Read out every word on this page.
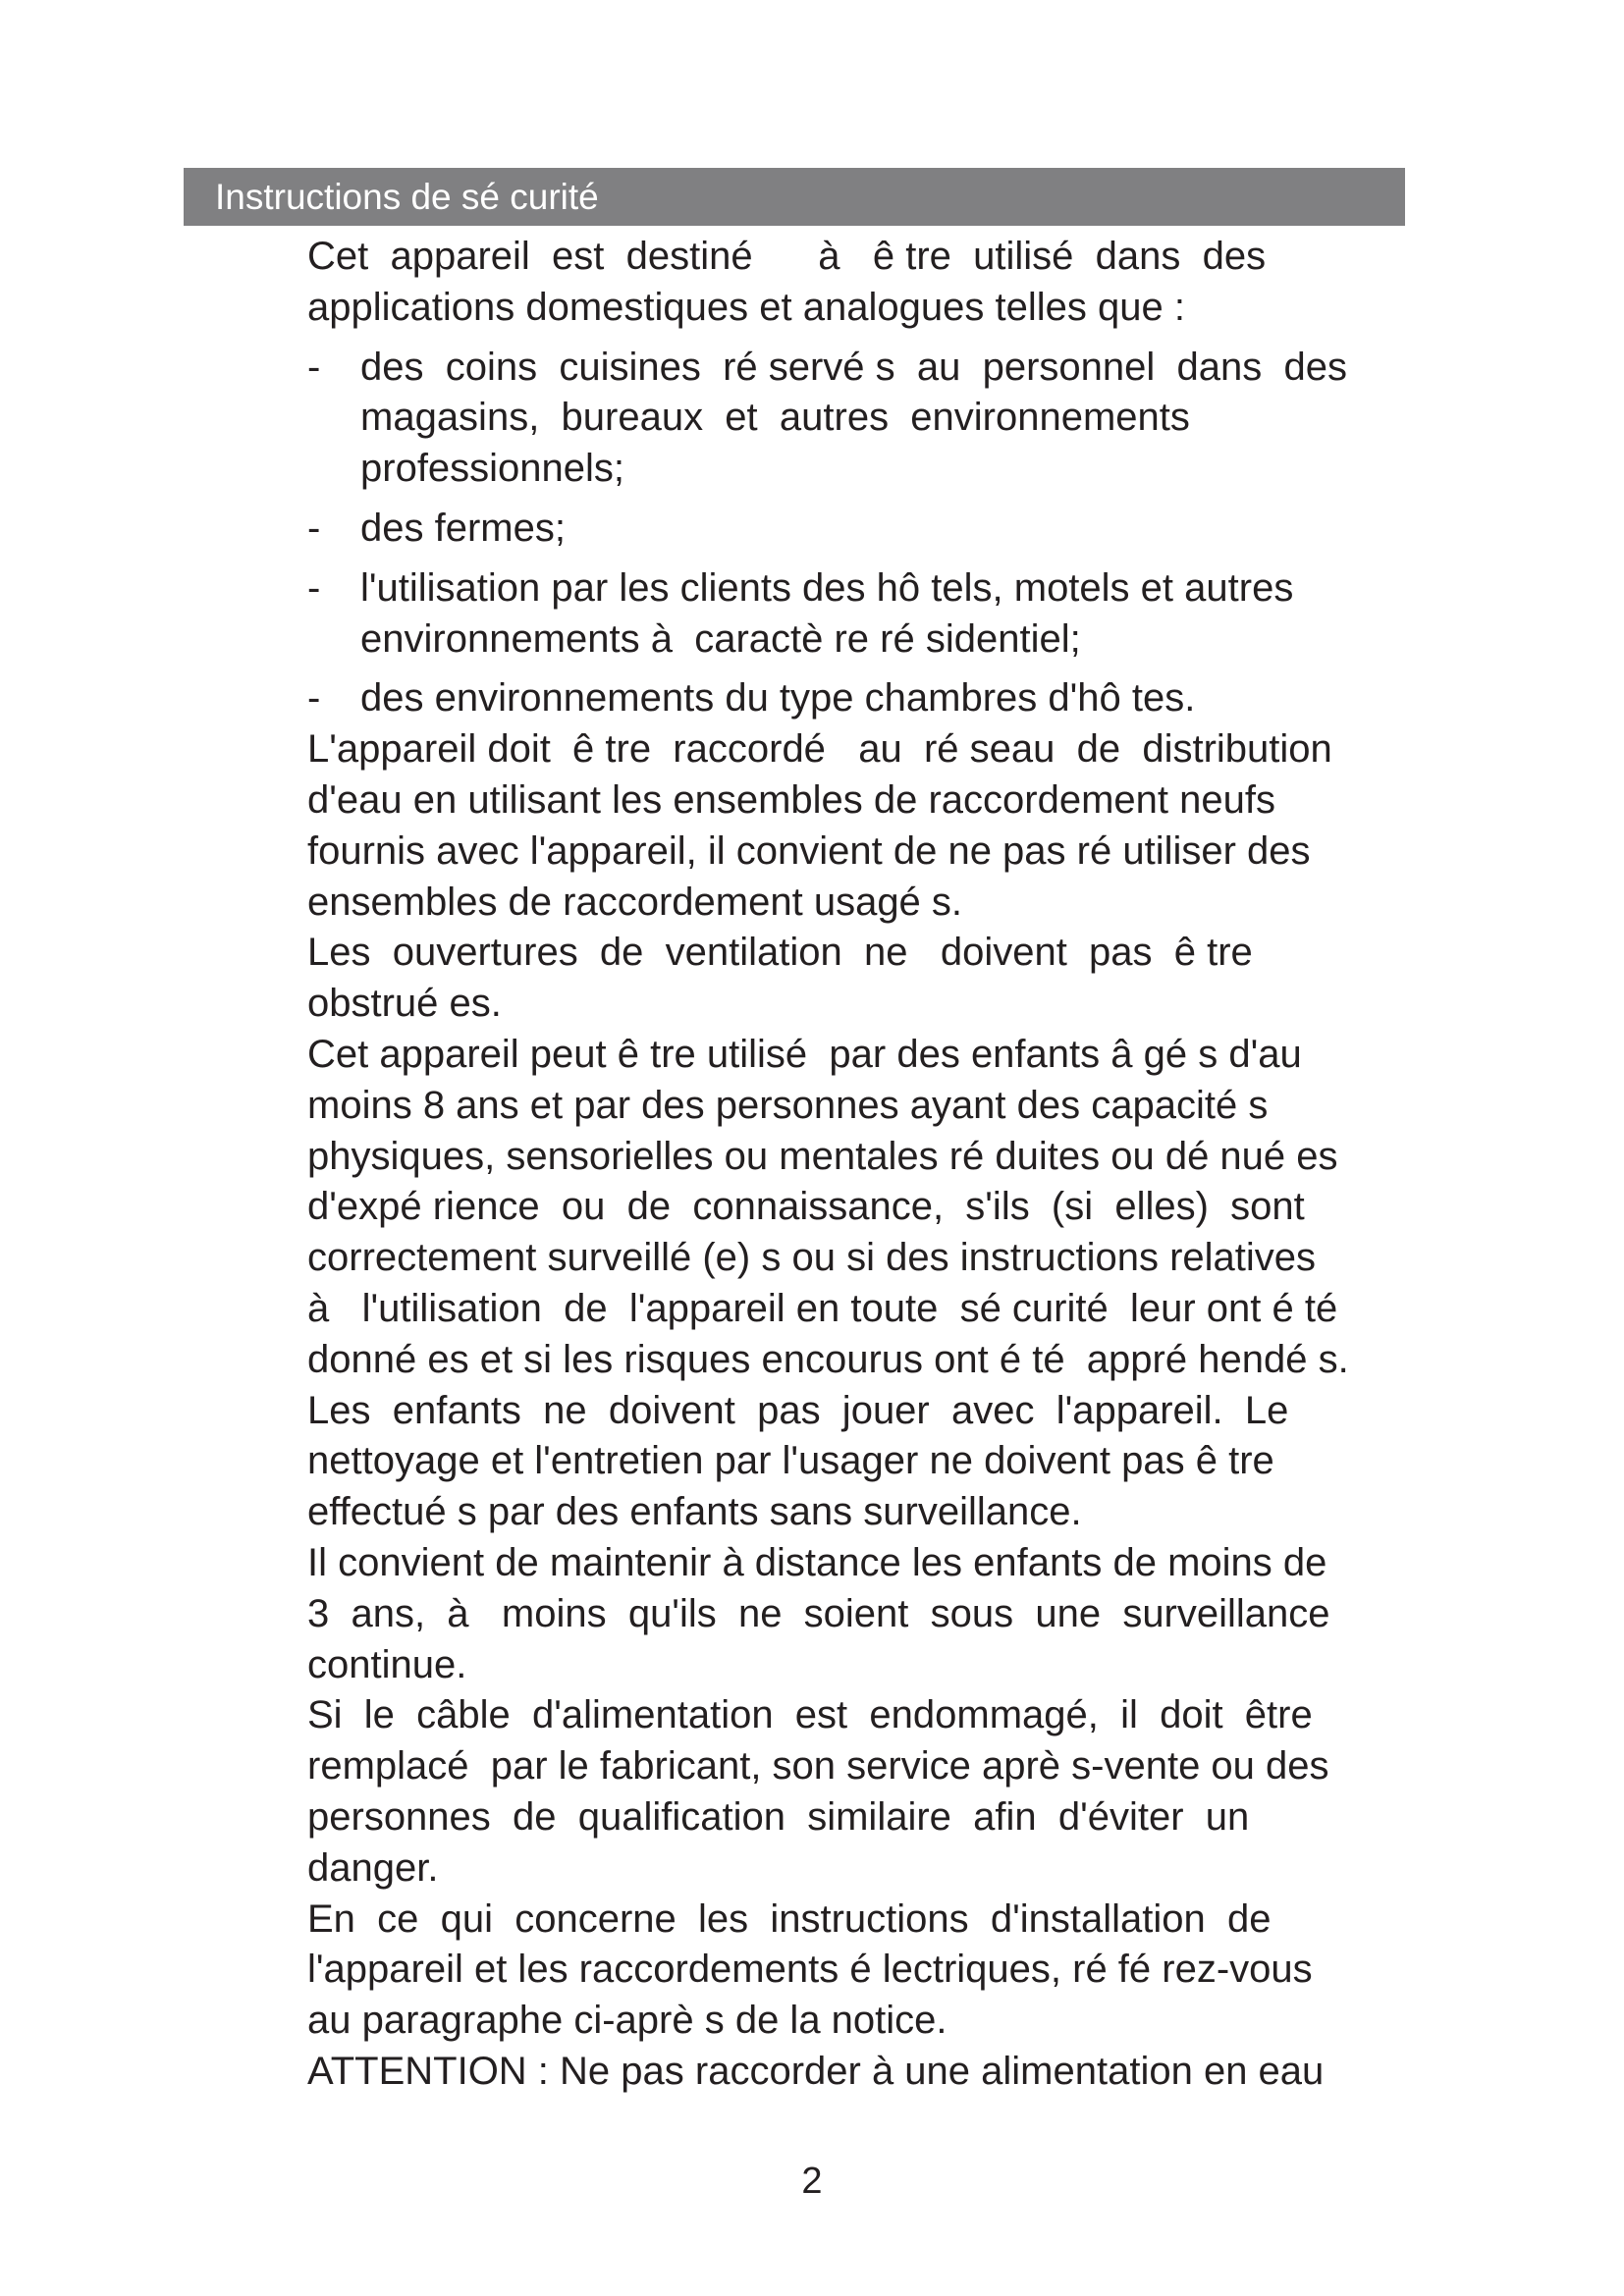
Instructions de sé curité
Cet  appareil  est  destiné      à   ê tre  utilisé  dans  des
applications domestiques et analogues telles que :
- des  coins  cuisines  ré servé s  au  personnel  dans  des
magasins,  bureaux  et  autres  environnements
professionnels;
- des fermes;
- l'utilisation par les clients des hô tels, motels et autres
environnements à  caractè re ré sidentiel;
- des environnements du type chambres d'hô tes.
L'appareil doit  ê tre  raccordé   au  ré seau  de  distribution
d'eau en utilisant les ensembles de raccordement neufs
fournis avec l'appareil, il convient de ne pas ré utiliser des
ensembles de raccordement usagé s.
Les  ouvertures  de  ventilation  ne   doivent  pas  ê tre
obstrué es.
Cet appareil peut ê tre utilisé  par des enfants â gé s d'au
moins 8 ans et par des personnes ayant des capacité s
physiques, sensorielles ou mentales ré duites ou dé nué es
d'expé rience  ou  de  connaissance,  s'ils  (si  elles)  sont
correctement surveillé (e) s ou si des instructions relatives
à   l'utilisation  de  l'appareil en toute  sé curité  leur ont é té
donné es et si les risques encourus ont é té  appré hendé s.
Les  enfants  ne  doivent  pas  jouer  avec  l'appareil.  Le
nettoyage et l'entretien par l'usager ne doivent pas ê tre
effectué s par des enfants sans surveillance.
Il convient de maintenir à distance les enfants de moins de
3  ans,  à   moins  qu'ils  ne  soient  sous  une  surveillance
continue.
Si  le  câble  d'alimentation  est  endommagé,  il  doit  être
remplacé  par le fabricant, son service aprè s-vente ou des
personnes  de  qualification  similaire  afin  d'éviter  un
danger.
En  ce  qui  concerne  les  instructions  d'installation  de
l'appareil et les raccordements é lectriques, ré fé rez-vous
au paragraphe ci-aprè s de la notice.
ATTENTION : Ne pas raccorder à une alimentation en eau
2
